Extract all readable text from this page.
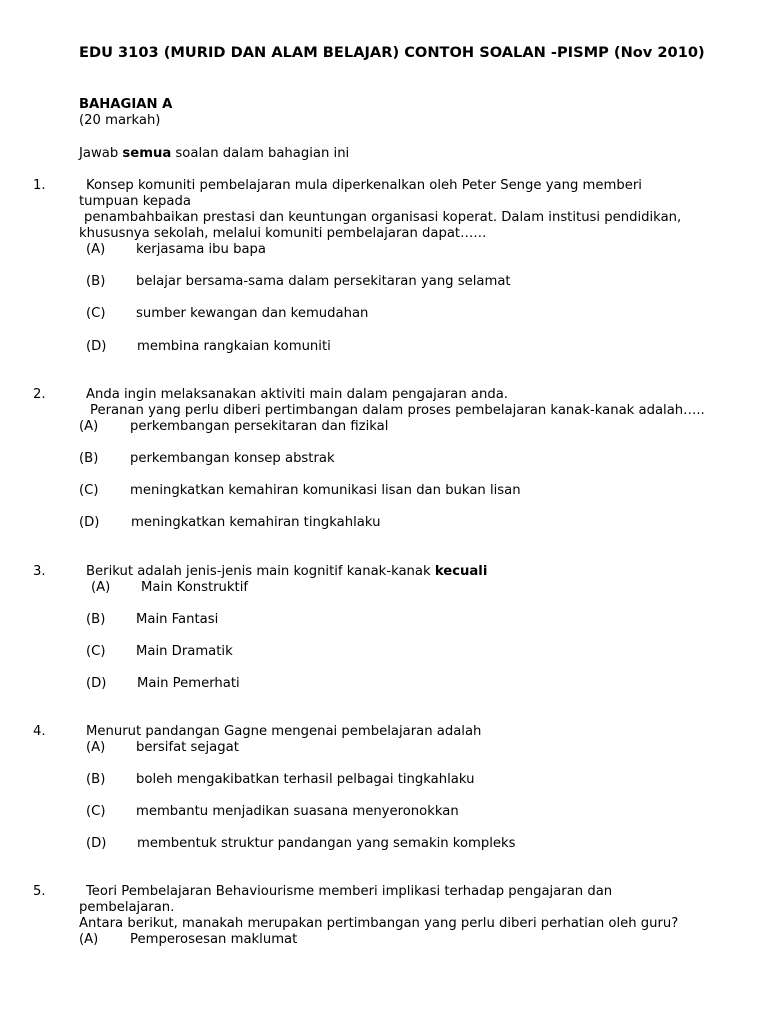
EDU 3103 (MURID DAN ALAM BELAJAR) CONTOH SOALAN -PISMP (Nov 2010)
BAHAGIAN A
(20 markah)
Jawab semua soalan dalam bahagian ini
1.	Konsep komuniti pembelajaran mula diperkenalkan oleh Peter Senge yang memberi
tumpuan kepada
penambahbaikan prestasi dan keuntungan organisasi koperat. Dalam institusi pendidikan,
khususnya sekolah, melalui komuniti pembelajaran dapat……
(A) kerjasama ibu bapa
(B) belajar bersama-sama dalam persekitaran yang selamat
(C) sumber kewangan dan kemudahan
(D) membina rangkaian komuniti
2.	Anda ingin melaksanakan aktiviti main dalam pengajaran anda.
Peranan yang perlu diberi pertimbangan dalam proses pembelajaran kanak-kanak adalah…..
(A) perkembangan persekitaran dan fizikal
(B) perkembangan konsep abstrak
(C) meningkatkan kemahiran komunikasi lisan dan bukan lisan
(D) meningkatkan kemahiran tingkahlaku
3.	Berikut adalah jenis-jenis main kognitif kanak-kanak kecuali
(A) Main Konstruktif
(B) Main Fantasi
(C) Main Dramatik
(D) Main Pemerhati
4.	Menurut pandangan Gagne mengenai pembelajaran adalah
(A) bersifat sejagat
(B) boleh mengakibatkan terhasil pelbagai tingkahlaku
(C) membantu menjadikan suasana menyeronokkan
(D) membentuk struktur pandangan yang semakin kompleks
5.	Teori Pembelajaran Behaviourisme memberi implikasi terhadap pengajaran dan
pembelajaran.
Antara berikut, manakah merupakan pertimbangan yang perlu diberi perhatian oleh guru?
(A) Pemperosesan maklumat
